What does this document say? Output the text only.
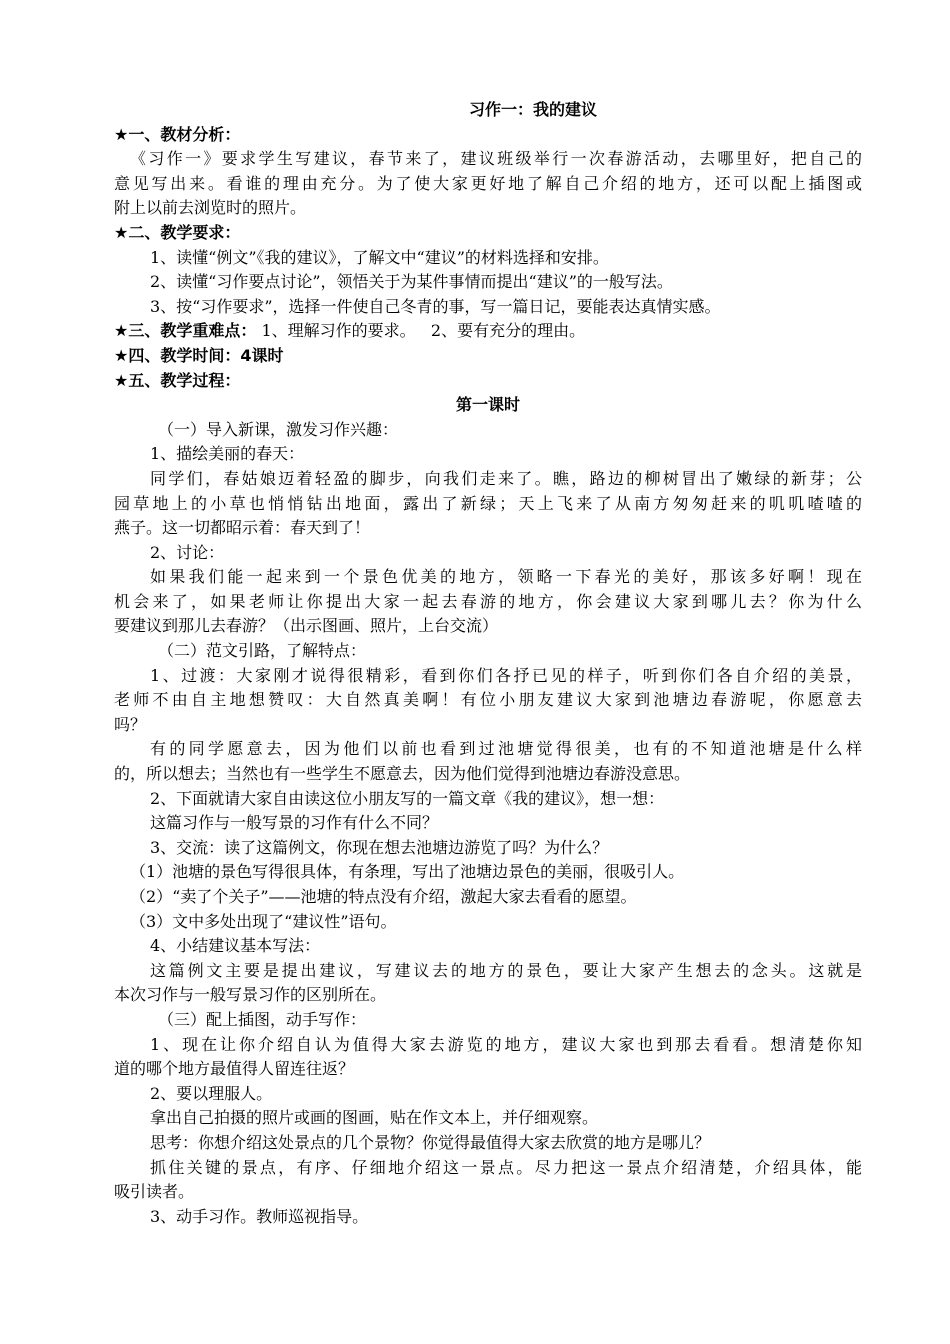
习作一：我的建议
★一、教材分析：
《习作一》要求学生写建议，春节来了，建议班级举行一次春游活动，去哪里好，把自己的
意见写出来。看谁的理由充分。为了使大家更好地了解自己介绍的地方，还可以配上插图或
附上以前去浏览时的照片。
★二、教学要求：
1、读懂“例文”《我的建议》，了解文中“建议”的材料选择和安排。
2、读懂“习作要点讨论”，领悟关于为某件事情而提出“建议”的一般写法。
3、按“习作要求”，选择一件使自己冬青的事，写一篇日记，要能表达真情实感。
★三、教学重难点： 1、理解习作的要求。   2、要有充分的理由。
★四、教学时间：4课时
★五、教学过程：
第一课时
（一）导入新课，激发习作兴趣：
1、描绘美丽的春天：
同学们，春姑娘迈着轻盈的脚步，向我们走来了。瞧，路边的柳树冒出了嫩绿的新芽；公
园草地上的小草也悄悄钻出地面，露出了新绿；天上飞来了从南方匆匆赶来的叽叽喳喳的
燕子。这一切都昭示着：春天到了！
2、讨论：
如果我们能一起来到一个景色优美的地方，领略一下春光的美好，那该多好啊！现在
机会来了，如果老师让你提出大家一起去春游的地方，你会建议大家到哪儿去？你为什么
要建议到那儿去春游？（出示图画、照片，上台交流）
（二）范文引路，了解特点：
1、过渡：大家刚才说得很精彩，看到你们各抒已见的样子，听到你们各自介绍的美景，
老师不由自主地想赞叹：大自然真美啊！有位小朋友建议大家到池塘边春游呢，你愿意去
吗？
有的同学愿意去，因为他们以前也看到过池塘觉得很美，也有的不知道池塘是什么样
的，所以想去；当然也有一些学生不愿意去，因为他们觉得到池塘边春游没意思。
2、下面就请大家自由读这位小朋友写的一篇文章《我的建议》，想一想：
这篇习作与一般写景的习作有什么不同？
3、交流：读了这篇例文，你现在想去池塘边游览了吗？为什么？
（1）池塘的景色写得很具体，有条理，写出了池塘边景色的美丽，很吸引人。
（2）“卖了个关子”——池塘的特点没有介绍，激起大家去看看的愿望。
（3）文中多处出现了“建议性”语句。
4、小结建议基本写法：
这篇例文主要是提出建议，写建议去的地方的景色，要让大家产生想去的念头。这就是
本次习作与一般写景习作的区别所在。
（三）配上插图，动手写作：
1、现在让你介绍自认为值得大家去游览的地方，建议大家也到那去看看。想清楚你知
道的哪个地方最值得人留连往返？
2、要以理服人。
拿出自己拍摄的照片或画的图画，贴在作文本上，并仔细观察。
思考：你想介绍这处景点的几个景物？你觉得最值得大家去欣赏的地方是哪儿？
抓住关键的景点，有序、仔细地介绍这一景点。尽力把这一景点介绍清楚，介绍具体，能
吸引读者。
3、动手习作。教师巡视指导。
